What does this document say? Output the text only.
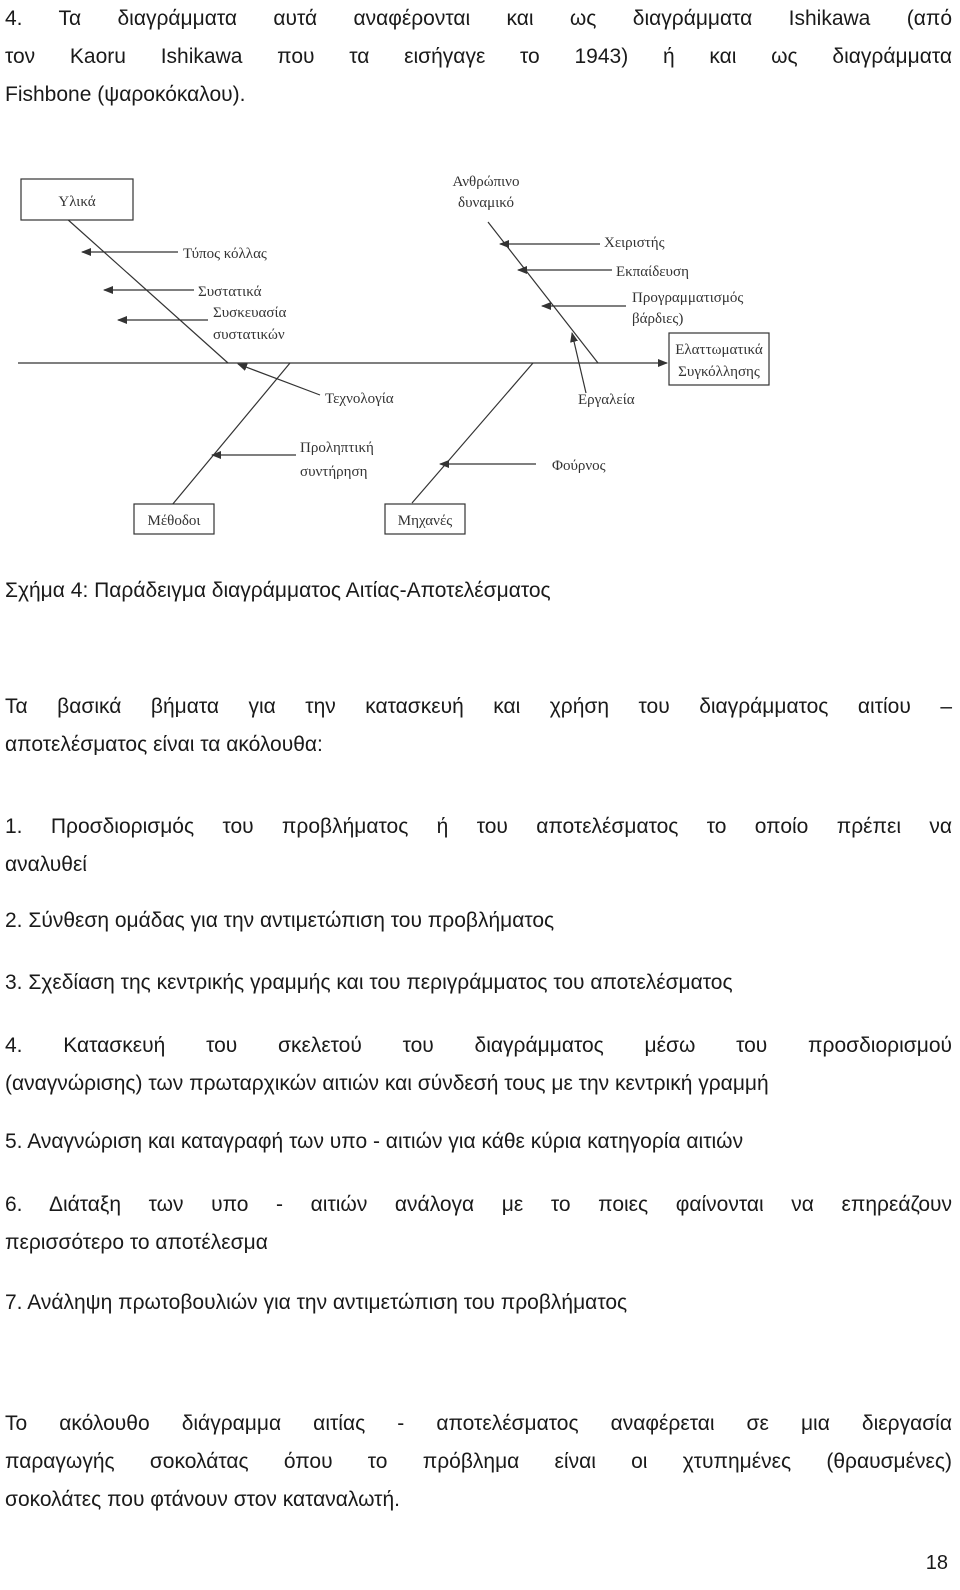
4. Τα διαγράμματα αυτά αναφέρονται και ως διαγράμματα Ishikawa (από
τον Kaoru Ishikawa που τα εισήγαγε το 1943) ή και ως διαγράμματα
Fishbone (ψαροκόκαλου).
Υλικά
Ανθρώπινο
δυναμικό
Μέθοδοι	Μηχανές
Ελαττωματικά
Συγκόλλησης
Τύπος κόλλας
Συστατικά
Συσκευασία
συστατικών
Τεχνολογία
Χειριστής
Εκπαίδευση
Προγραμματισμός
βάρδιες)
Εργαλεία
Προληπτική
συντήρηση	Φούρνος
Σχήμα 4: Παράδειγμα διαγράμματος Αιτίας-Αποτελέσματος
Τα βασικά βήματα για την κατασκευή και χρήση του διαγράμματος αιτίου –
αποτελέσματος είναι τα ακόλουθα:
1. Προσδιορισμός του προβλήματος ή του αποτελέσματος το οποίο πρέπει να
αναλυθεί
2. Σύνθεση ομάδας για την αντιμετώπιση του προβλήματος
3. Σχεδίαση της κεντρικής γραμμής και του περιγράμματος του αποτελέσματος
4. Κατασκευή του σκελετού του διαγράμματος μέσω του προσδιορισμού
(αναγνώρισης) των πρωταρχικών αιτιών και σύνδεσή τους με την κεντρική γραμμή
5. Αναγνώριση και καταγραφή των υπο - αιτιών για κάθε κύρια κατηγορία αιτιών
6. Διάταξη των υπο - αιτιών ανάλογα με το ποιες φαίνονται να επηρεάζουν
περισσότερο το αποτέλεσμα
7. Ανάληψη πρωτοβουλιών για την αντιμετώπιση του προβλήματος
Το ακόλουθο διάγραμμα αιτίας - αποτελέσματος αναφέρεται σε μια διεργασία
παραγωγής σοκολάτας όπου το πρόβλημα είναι οι χτυπημένες (θραυσμένες)
σοκολάτες που φτάνουν στον καταναλωτή.
18
